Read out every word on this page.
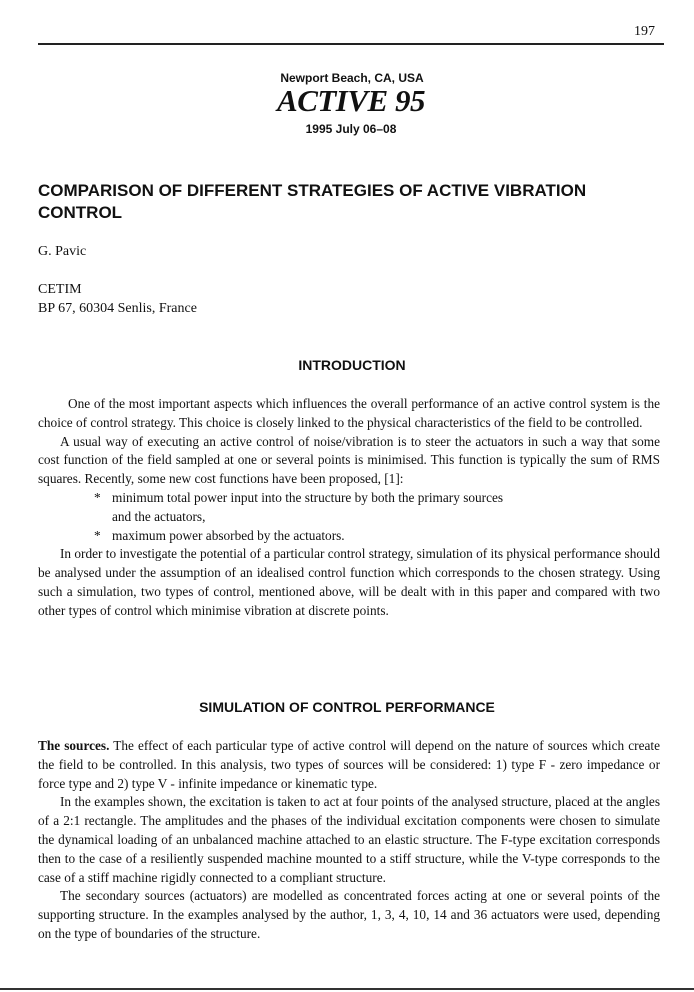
197
Newport Beach, CA, USA
ACTIVE 95
1995 July 06–08
COMPARISON OF DIFFERENT STRATEGIES OF ACTIVE VIBRATION CONTROL
G. Pavic
CETIM
BP 67, 60304 Senlis, France
INTRODUCTION

One of the most important aspects which influences the overall performance of an active control system is the choice of control strategy. This choice is closely linked to the physical characteristics of the field to be controlled.

A usual way of executing an active control of noise/vibration is to steer the actuators in such a way that some cost function of the field sampled at one or several points is minimised. This function is typically the sum of RMS squares. Recently, some new cost functions have been proposed, [1]:

* minimum total power input into the structure by both the primary sources
and the actuators,
* maximum power absorbed by the actuators.

In order to investigate the potential of a particular control strategy, simulation of its physical performance should be analysed under the assumption of an idealised control function which corresponds to the chosen strategy. Using such a simulation, two types of control, mentioned above, will be dealt with in this paper and compared with two other types of control which minimise vibration at discrete points.

SIMULATION OF CONTROL PERFORMANCE

The sources. The effect of each particular type of active control will depend on the nature of sources which create the field to be controlled. In this analysis, two types of sources will be considered: 1) type F - zero impedance or force type and 2) type V - infinite impedance or kinematic type.

In the examples shown, the excitation is taken to act at four points of the analysed structure, placed at the angles of a 2:1 rectangle. The amplitudes and the phases of the individual excitation components were chosen to simulate the dynamical loading of an unbalanced machine attached to an elastic structure. The F-type excitation corresponds then to the case of a resiliently suspended machine mounted to a stiff structure, while the V-type corresponds to the case of a stiff machine rigidly connected to a compliant structure.

The secondary sources (actuators) are modelled as concentrated forces acting at one or several points of the supporting structure. In the examples analysed by the author, 1, 3, 4, 10, 14 and 36 actuators were used, depending on the type of boundaries of the structure.
